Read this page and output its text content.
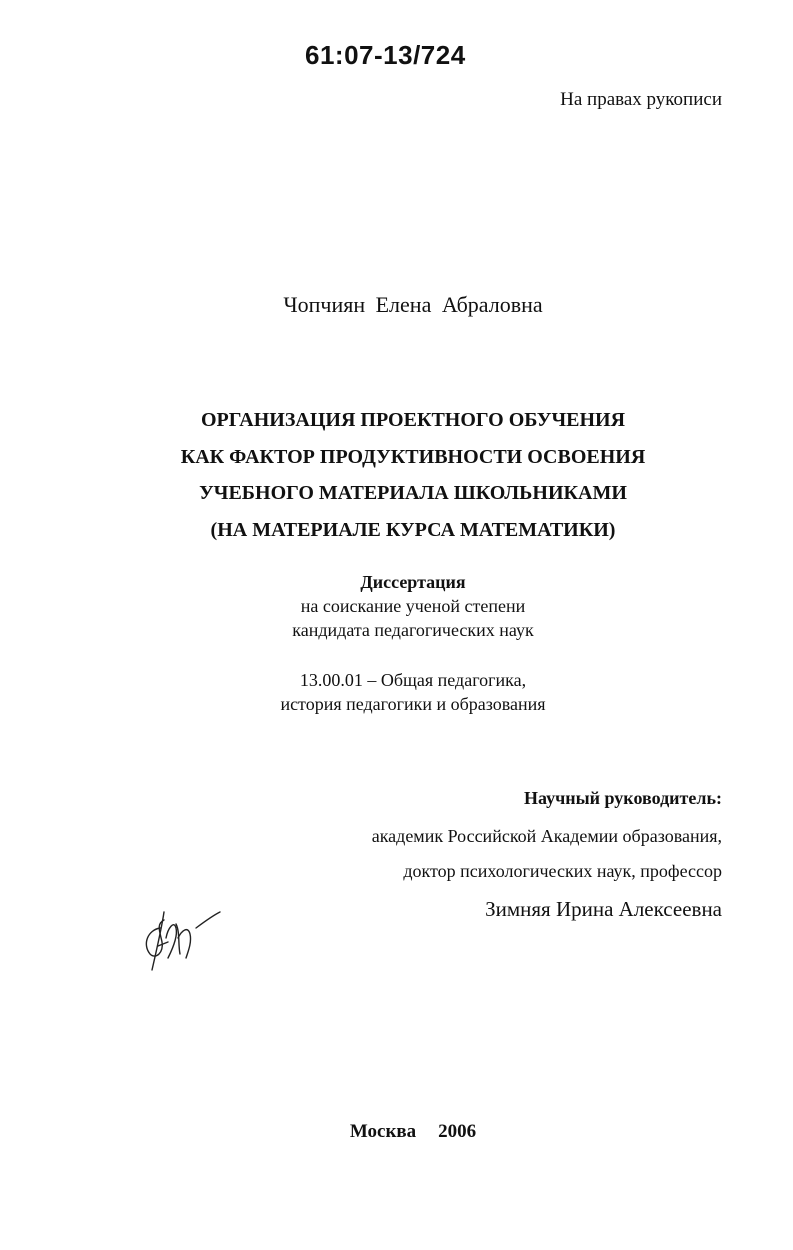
61:07-13/724
На правах рукописи
Чопчиян Елена Абраловна
ОРГАНИЗАЦИЯ ПРОЕКТНОГО ОБУЧЕНИЯ
КАК ФАКТОР ПРОДУКТИВНОСТИ ОСВОЕНИЯ
УЧЕБНОГО МАТЕРИАЛА ШКОЛЬНИКАМИ
(НА МАТЕРИАЛЕ КУРСА МАТЕМАТИКИ)
Диссертация
на соискание ученой степени
кандидата педагогических наук
13.00.01 – Общая педагогика,
история педагогики и образования
Научный руководитель:
академик Российской Академии образования,
доктор психологических наук, профессор
Зимняя Ирина Алексеевна
Москва 2006
